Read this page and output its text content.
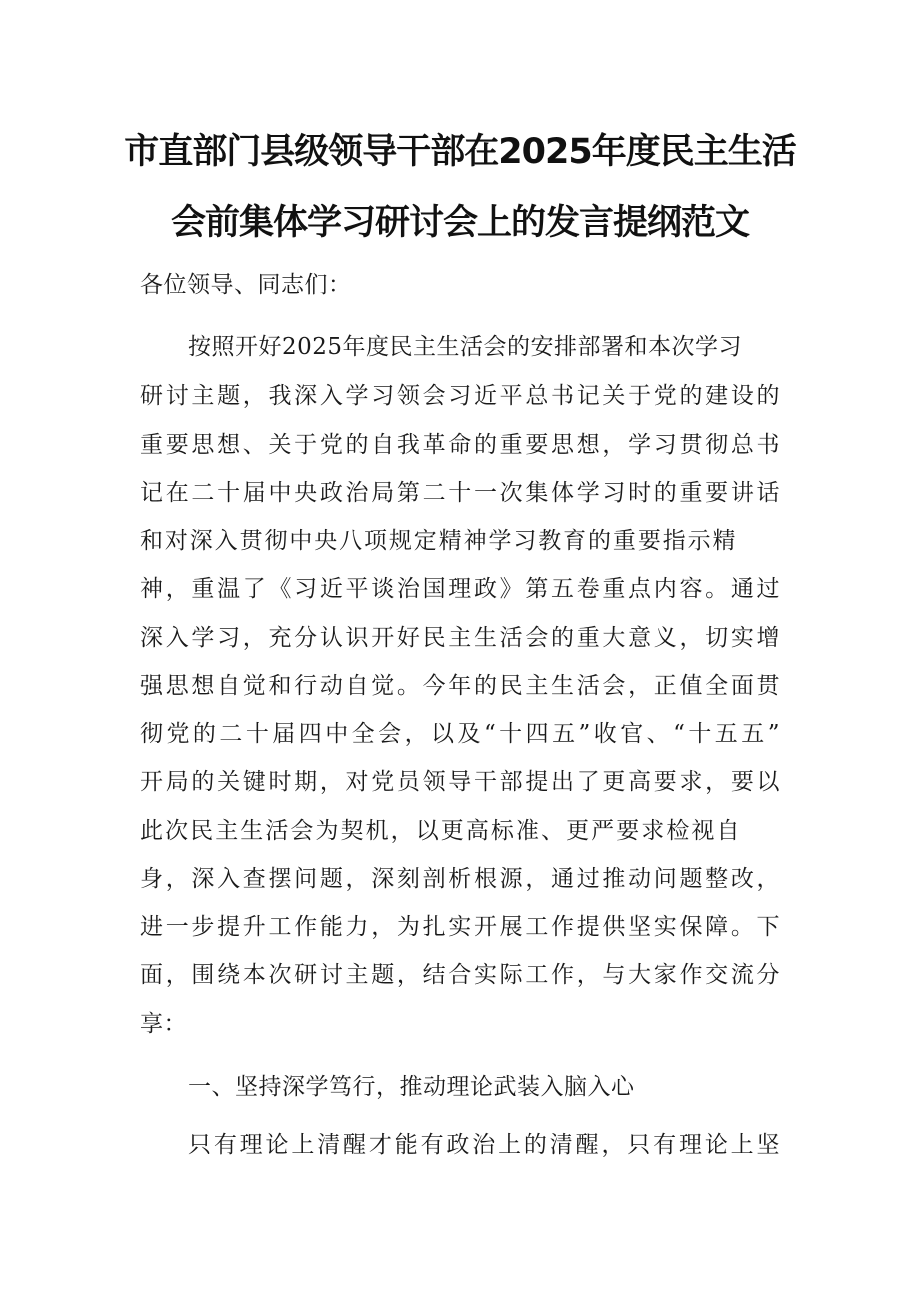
市直部门县级领导干部在2025年度民主生活
会前集体学习研讨会上的发言提纲范文
各位领导、同志们：
按照开好2025年度民主生活会的安排部署和本次学习
研讨主题，我深入学习领会习近平总书记关于党的建设的
重要思想、关于党的自我革命的重要思想，学习贯彻总书
记在二十届中央政治局第二十一次集体学习时的重要讲话
和对深入贯彻中央八项规定精神学习教育的重要指示精
神，重温了《习近平谈治国理政》第五卷重点内容。通过
深入学习，充分认识开好民主生活会的重大意义，切实增
强思想自觉和行动自觉。今年的民主生活会，正值全面贯
彻党的二十届四中全会，以及“十四五”收官、“十五五”
开局的关键时期，对党员领导干部提出了更高要求，要以
此次民主生活会为契机，以更高标准、更严要求检视自
身，深入查摆问题，深刻剖析根源，通过推动问题整改，
进一步提升工作能力，为扎实开展工作提供坚实保障。下
面，围绕本次研讨主题，结合实际工作，与大家作交流分
享：
一、坚持深学笃行，推动理论武装入脑入心
只有理论上清醒才能有政治上的清醒，只有理论上坚
